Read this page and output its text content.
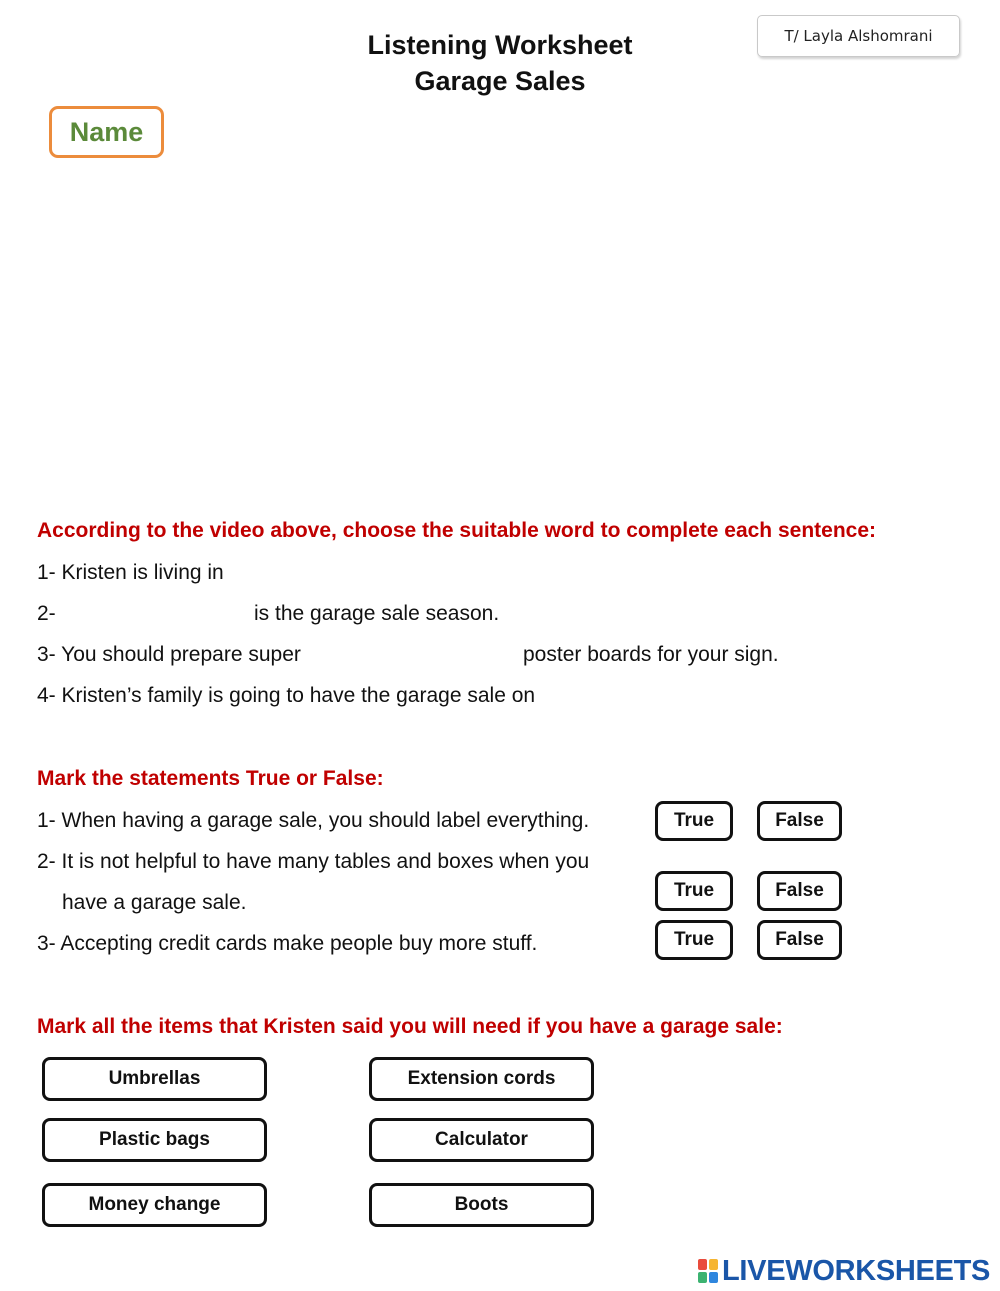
Listening Worksheet
Garage Sales
T/ Layla Alshomrani
Name
According to the video above, choose the suitable word to complete each sentence:
1- Kristen is living in
2-	is the garage sale season.
3- You should prepare super	poster boards for your sign.
4- Kristen’s family is going to have the garage sale on
Mark the statements True or False:
1- When having a garage sale, you should label everything.
2- It is not helpful to have many tables and boxes when you
have a garage sale.
3- Accepting credit cards make people buy more stuff.
True	False
True	False
True	False
Mark all the items that Kristen said you will need if you have a garage sale:
Umbrellas	Extension cords
Plastic bags	Calculator
Money change	Boots
LIVEWORKSHEETS
